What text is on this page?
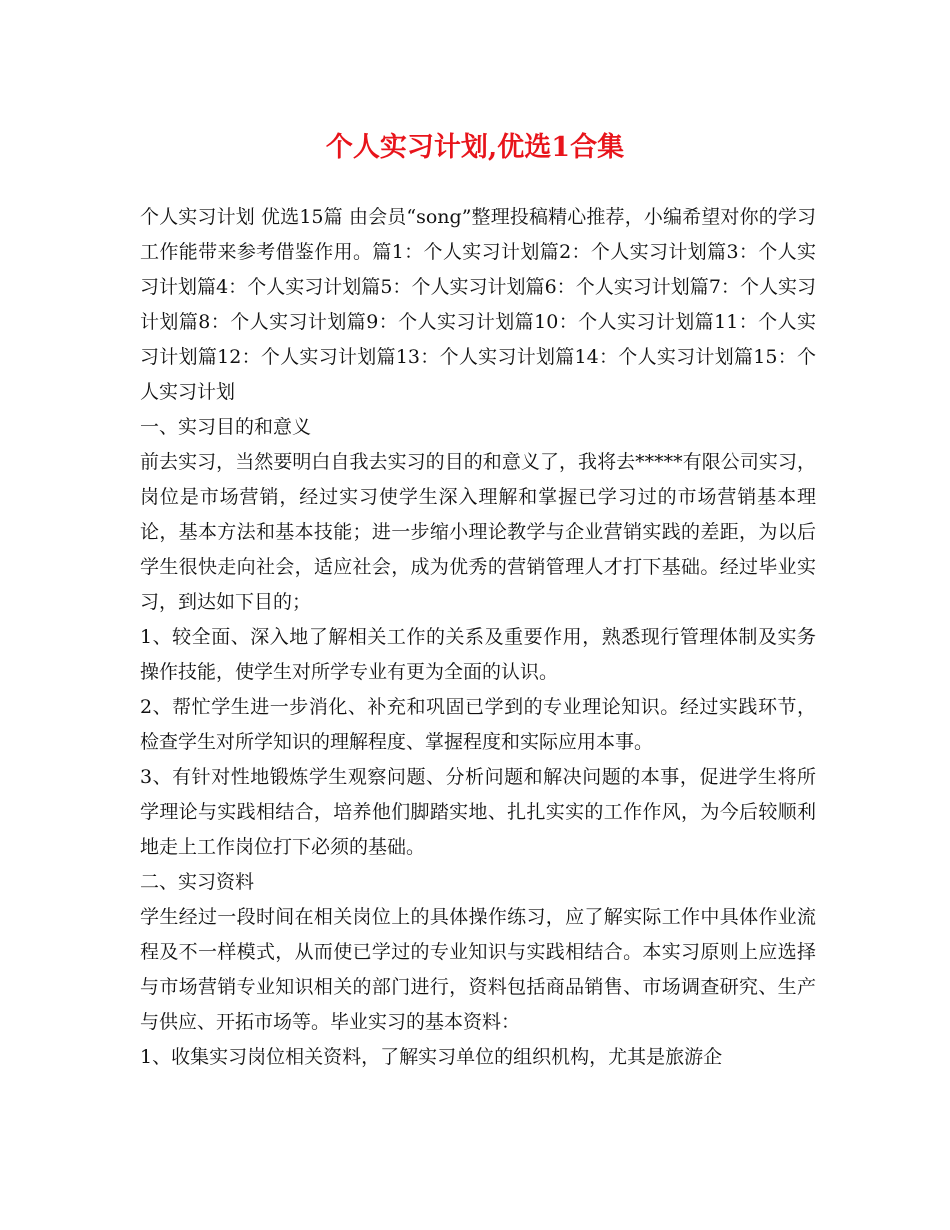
个人实习计划,优选1合集

个人实习计划 优选15篇 由会员“song”整理投稿精心推荐，小编希望对你的学习工作能带来参考借鉴作用。篇1：个人实习计划篇2：个人实习计划篇3：个人实习计划篇4：个人实习计划篇5：个人实习计划篇6：个人实习计划篇7：个人实习计划篇8：个人实习计划篇9：个人实习计划篇10：个人实习计划篇11：个人实习计划篇12：个人实习计划篇13：个人实习计划篇14：个人实习计划篇15：个人实习计划

一、实习目的和意义

前去实习，当然要明白自我去实习的目的和意义了，我将去*****有限公司实习，岗位是市场营销，经过实习使学生深入理解和掌握已学习过的市场营销基本理论，基本方法和基本技能；进一步缩小理论教学与企业营销实践的差距，为以后学生很快走向社会，适应社会，成为优秀的营销管理人才打下基础。经过毕业实习，到达如下目的；

1、较全面、深入地了解相关工作的关系及重要作用，熟悉现行管理体制及实务操作技能，使学生对所学专业有更为全面的认识。

2、帮忙学生进一步消化、补充和巩固已学到的专业理论知识。经过实践环节，检查学生对所学知识的理解程度、掌握程度和实际应用本事。

3、有针对性地锻炼学生观察问题、分析问题和解决问题的本事，促进学生将所学理论与实践相结合，培养他们脚踏实地、扎扎实实的工作作风，为今后较顺利地走上工作岗位打下必须的基础。

二、实习资料

学生经过一段时间在相关岗位上的具体操作练习，应了解实际工作中具体作业流程及不一样模式，从而使已学过的专业知识与实践相结合。本实习原则上应选择与市场营销专业知识相关的部门进行，资料包括商品销售、市场调查研究、生产与供应、开拓市场等。毕业实习的基本资料：

1、收集实习岗位相关资料，了解实习单位的组织机构，尤其是旅游企
